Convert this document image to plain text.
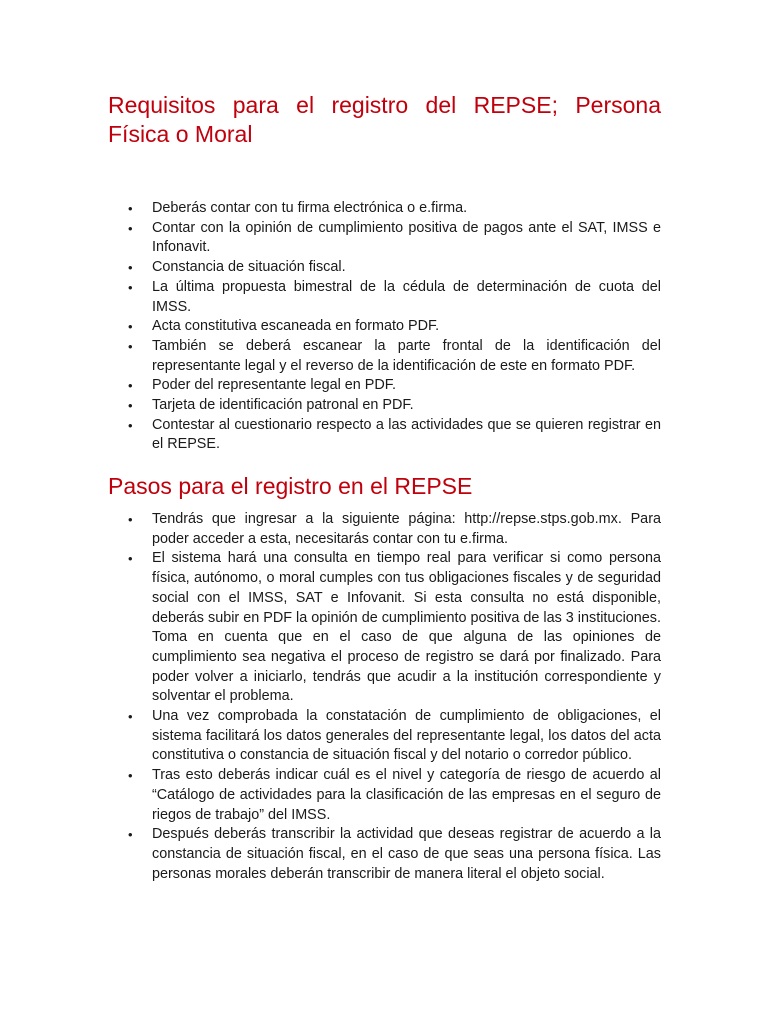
Requisitos para el registro del REPSE; Persona Física o Moral
• Deberás contar con tu firma electrónica o e.firma.
• Contar con la opinión de cumplimiento positiva de pagos ante el SAT, IMSS e Infonavit.
• Constancia de situación fiscal.
• La última propuesta bimestral de la cédula de determinación de cuota del IMSS.
• Acta constitutiva escaneada en formato PDF.
• También se deberá escanear la parte frontal de la identificación del representante legal y el reverso de la identificación de este en formato PDF.
• Poder del representante legal en PDF.
• Tarjeta de identificación patronal en PDF.
• Contestar al cuestionario respecto a las actividades que se quieren registrar en el REPSE.
Pasos para el registro en el REPSE
• Tendrás que ingresar a la siguiente página: http://repse.stps.gob.mx. Para poder acceder a esta, necesitarás contar con tu e.firma.
• El sistema hará una consulta en tiempo real para verificar si como persona física, autónomo, o moral cumples con tus obligaciones fiscales y de seguridad social con el IMSS, SAT e Infovanit. Si esta consulta no está disponible, deberás subir en PDF la opinión de cumplimiento positiva de las 3 instituciones. Toma en cuenta que en el caso de que alguna de las opiniones de cumplimiento sea negativa el proceso de registro se dará por finalizado. Para poder volver a iniciarlo, tendrás que acudir a la institución correspondiente y solventar el problema.
• Una vez comprobada la constatación de cumplimiento de obligaciones, el sistema facilitará los datos generales del representante legal, los datos del acta constitutiva o constancia de situación fiscal y del notario o corredor público.
• Tras esto deberás indicar cuál es el nivel y categoría de riesgo de acuerdo al “Catálogo de actividades para la clasificación de las empresas en el seguro de riegos de trabajo” del IMSS.
• Después deberás transcribir la actividad que deseas registrar de acuerdo a la constancia de situación fiscal, en el caso de que seas una persona física. Las personas morales deberán transcribir de manera literal el objeto social.
